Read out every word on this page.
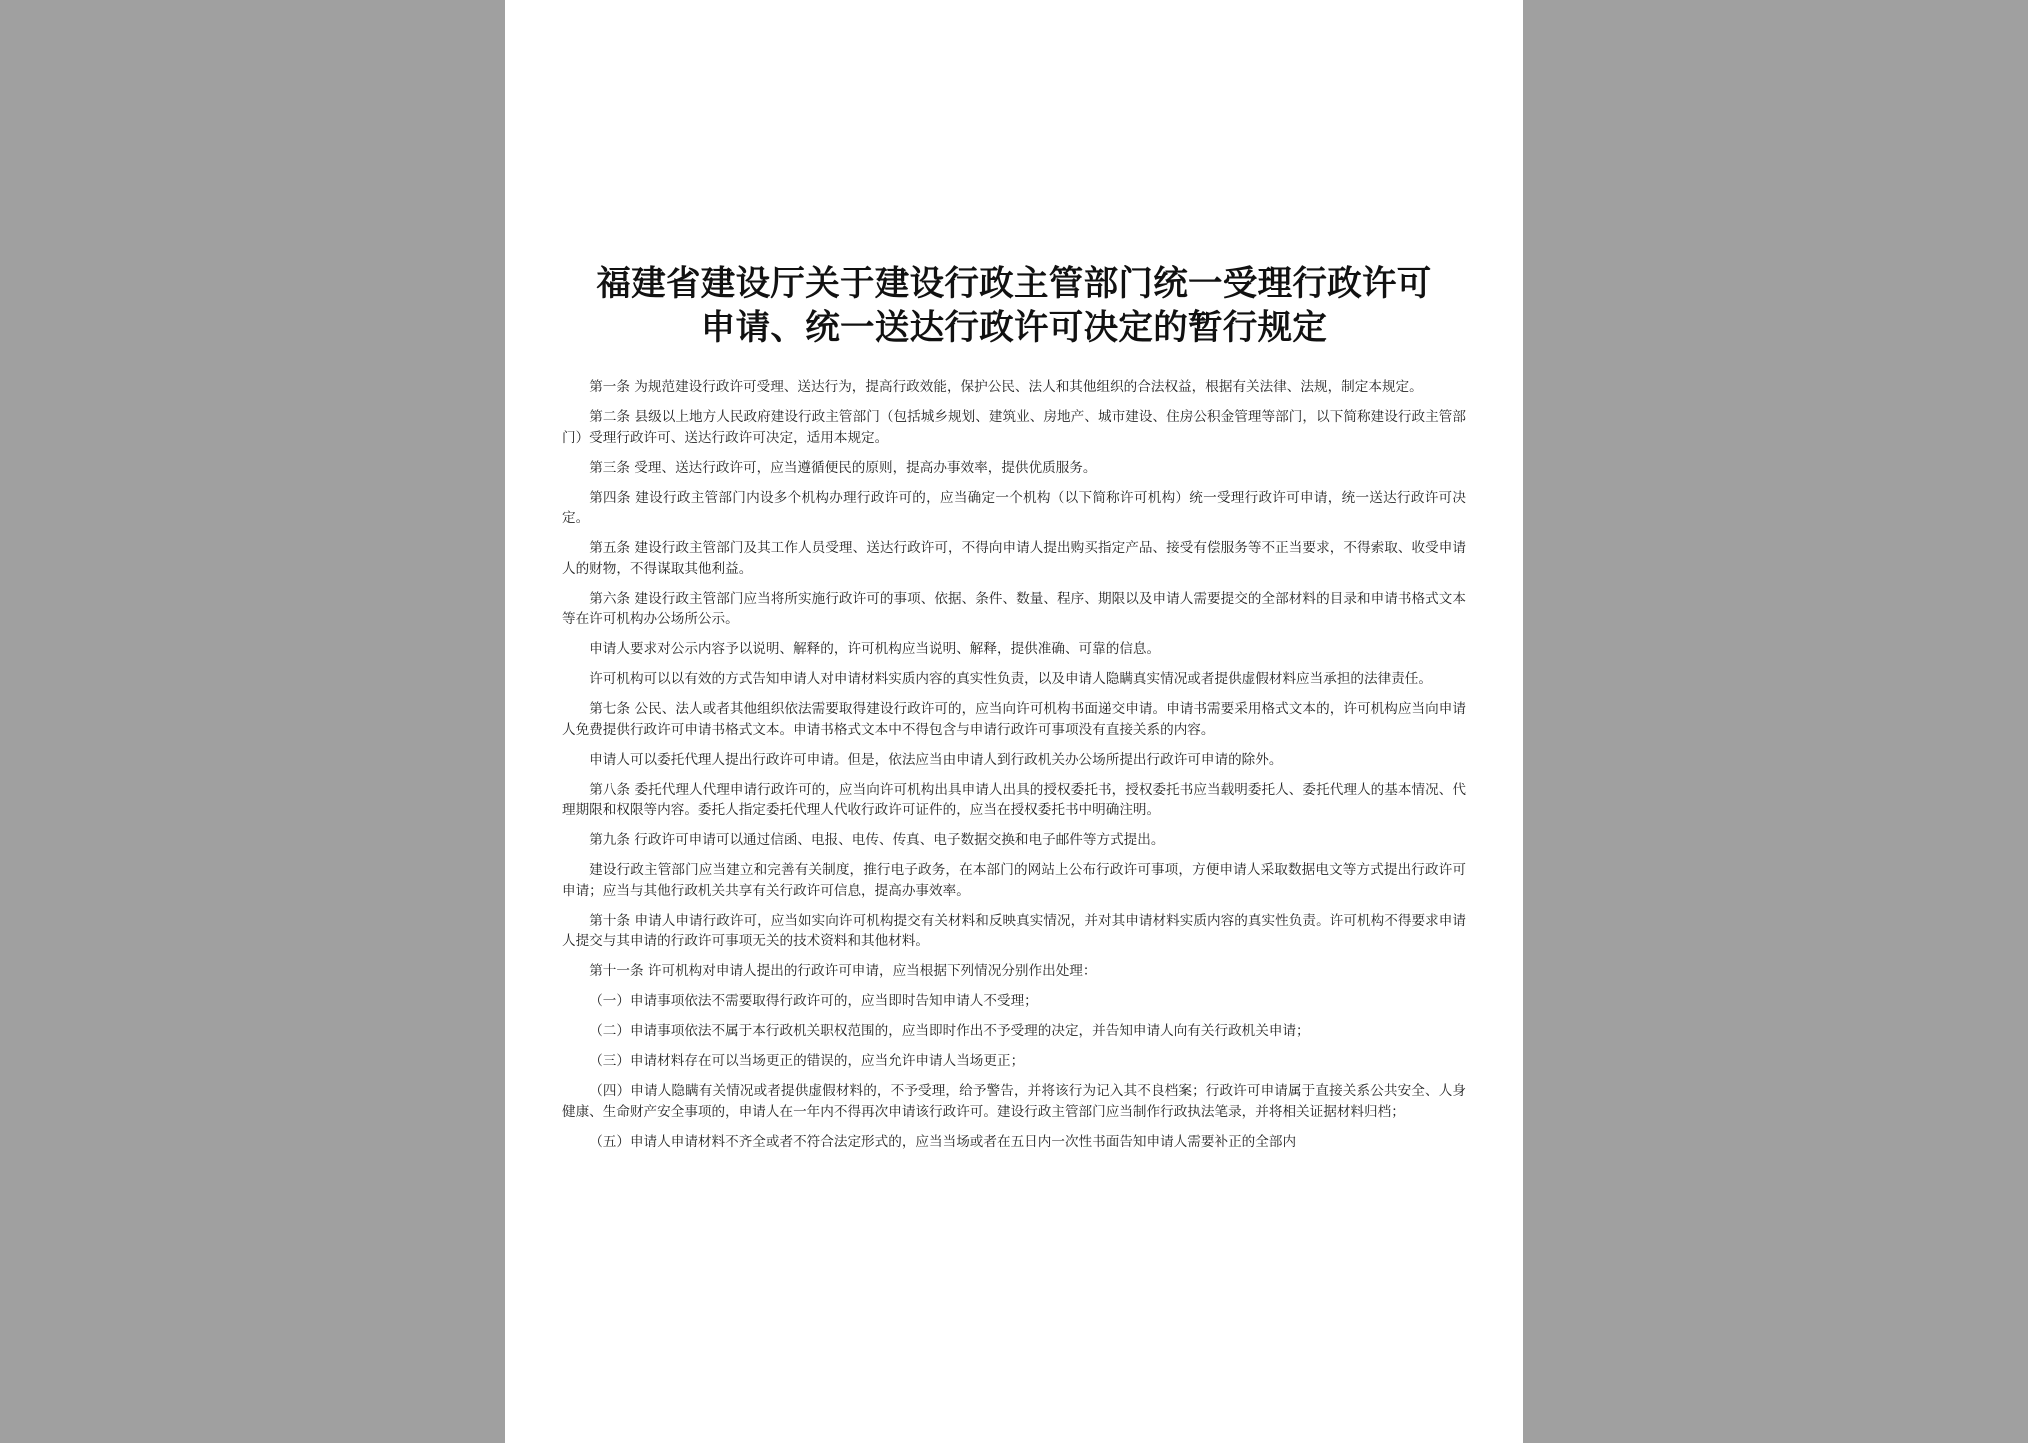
福建省建设厅关于建设行政主管部门统一受理行政许可
申请、统一送达行政许可决定的暂行规定

第一条 为规范建设行政许可受理、送达行为，提高行政效能，保护公民、法人和其他组织的合法权益，根据有关法律、法规，制定本规定。

第二条 县级以上地方人民政府建设行政主管部门（包括城乡规划、建筑业、房地产、城市建设、住房公积金管理等部门，以下简称建设行政主管部门）受理行政许可、送达行政许可决定，适用本规定。

第三条 受理、送达行政许可，应当遵循便民的原则，提高办事效率，提供优质服务。

第四条 建设行政主管部门内设多个机构办理行政许可的，应当确定一个机构（以下简称许可机构）统一受理行政许可申请，统一送达行政许可决定。

第五条 建设行政主管部门及其工作人员受理、送达行政许可，不得向申请人提出购买指定产品、接受有偿服务等不正当要求，不得索取、收受申请人的财物，不得谋取其他利益。

第六条 建设行政主管部门应当将所实施行政许可的事项、依据、条件、数量、程序、期限以及申请人需要提交的全部材料的目录和申请书格式文本等在许可机构办公场所公示。

申请人要求对公示内容予以说明、解释的，许可机构应当说明、解释，提供准确、可靠的信息。

许可机构可以以有效的方式告知申请人对申请材料实质内容的真实性负责，以及申请人隐瞒真实情况或者提供虚假材料应当承担的法律责任。

第七条 公民、法人或者其他组织依法需要取得建设行政许可的，应当向许可机构书面递交申请。申请书需要采用格式文本的，许可机构应当向申请人免费提供行政许可申请书格式文本。申请书格式文本中不得包含与申请行政许可事项没有直接关系的内容。

申请人可以委托代理人提出行政许可申请。但是，依法应当由申请人到行政机关办公场所提出行政许可申请的除外。

第八条 委托代理人代理申请行政许可的，应当向许可机构出具申请人出具的授权委托书，授权委托书应当载明委托人、委托代理人的基本情况、代理期限和权限等内容。委托人指定委托代理人代收行政许可证件的，应当在授权委托书中明确注明。

第九条 行政许可申请可以通过信函、电报、电传、传真、电子数据交换和电子邮件等方式提出。

建设行政主管部门应当建立和完善有关制度，推行电子政务，在本部门的网站上公布行政许可事项，方便申请人采取数据电文等方式提出行政许可申请；应当与其他行政机关共享有关行政许可信息，提高办事效率。

第十条 申请人申请行政许可，应当如实向许可机构提交有关材料和反映真实情况，并对其申请材料实质内容的真实性负责。许可机构不得要求申请人提交与其申请的行政许可事项无关的技术资料和其他材料。

第十一条 许可机构对申请人提出的行政许可申请，应当根据下列情况分别作出处理：

（一）申请事项依法不需要取得行政许可的，应当即时告知申请人不受理；

（二）申请事项依法不属于本行政机关职权范围的，应当即时作出不予受理的决定，并告知申请人向有关行政机关申请；

（三）申请材料存在可以当场更正的错误的，应当允许申请人当场更正；

（四）申请人隐瞒有关情况或者提供虚假材料的，不予受理，给予警告，并将该行为记入其不良档案；行政许可申请属于直接关系公共安全、人身健康、生命财产安全事项的，申请人在一年内不得再次申请该行政许可。建设行政主管部门应当制作行政执法笔录，并将相关证据材料归档；

（五）申请人申请材料不齐全或者不符合法定形式的，应当当场或者在五日内一次性书面告知申请人需要补正的全部内
